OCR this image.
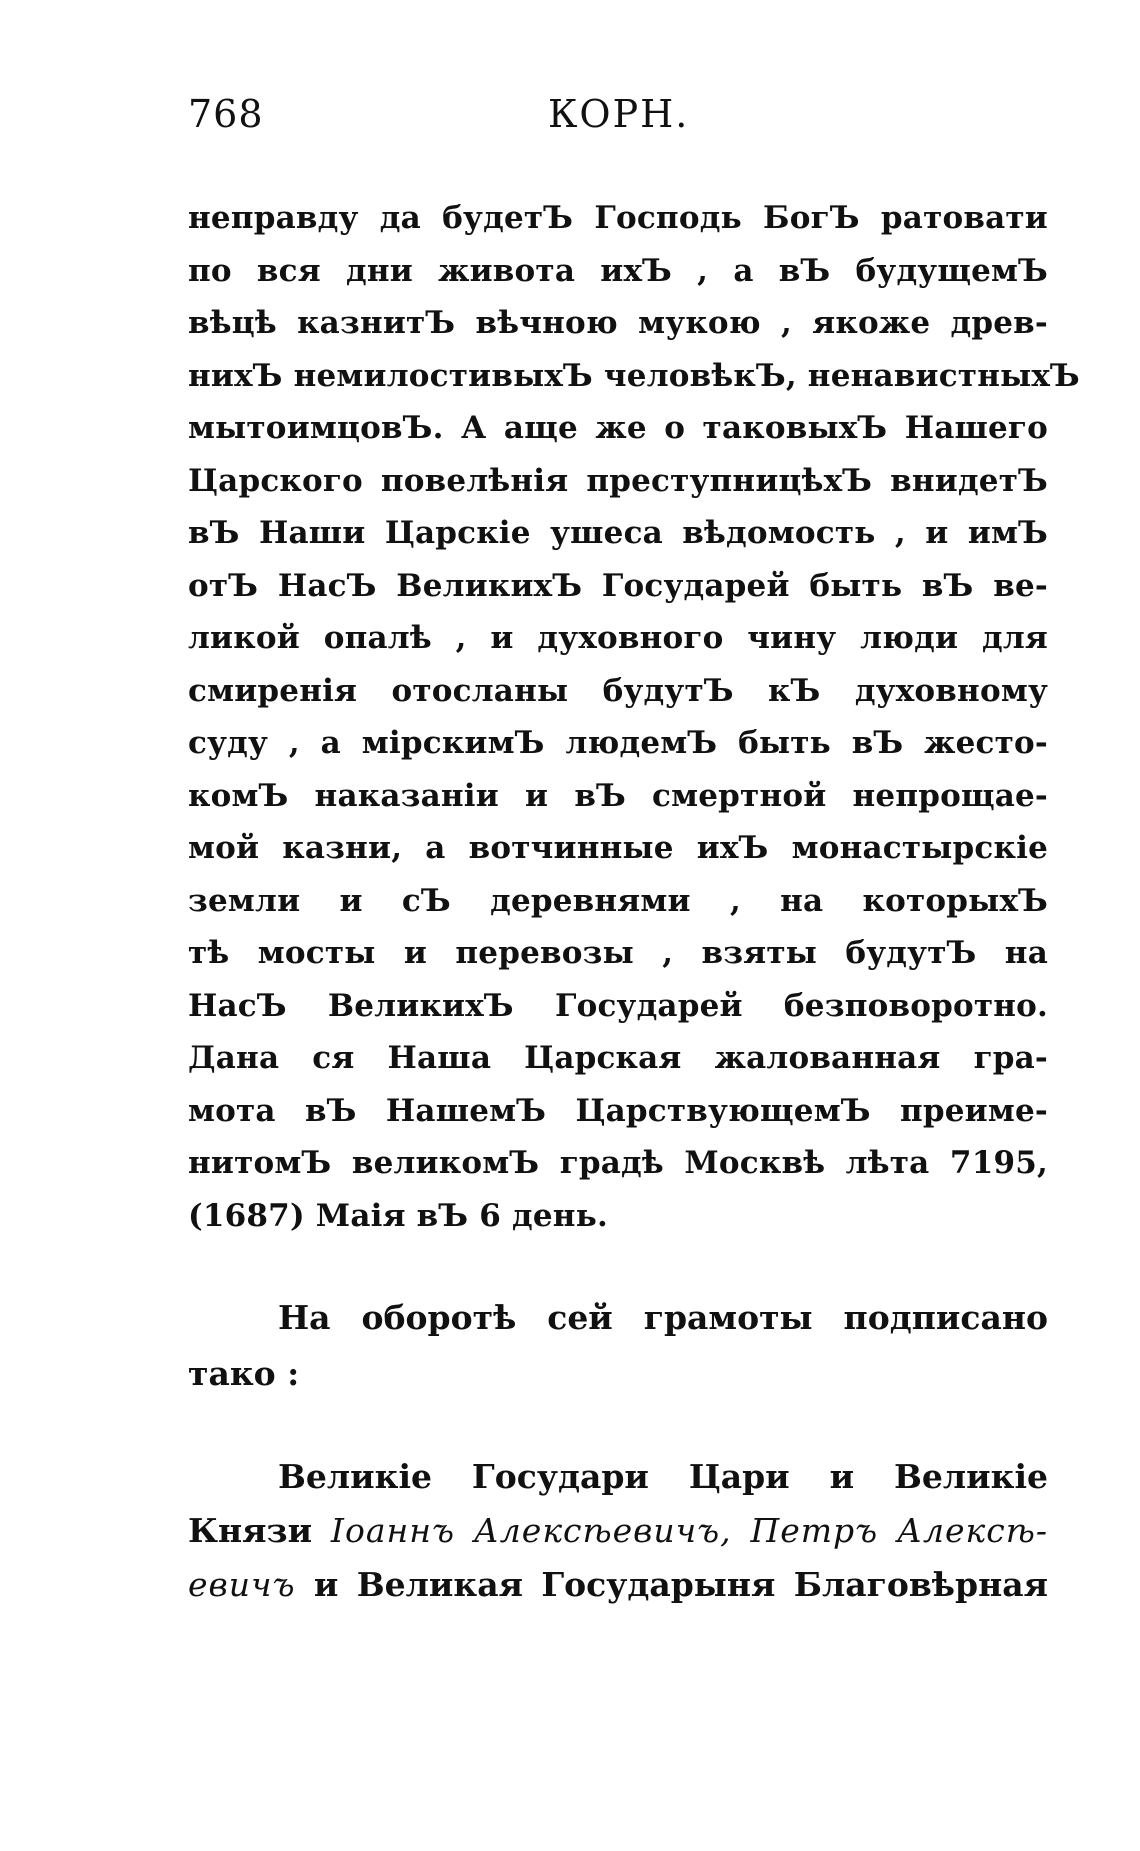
768	КОРН.
неправду да будетЪ Господь БогЪ ратовати
по вся дни живота ихЪ , а вЪ будущемЪ
вѣцѣ казнитЪ вѣчною мукою , якоже древ-
нихЪ немилостивыхЪ человѣкЪ, ненавистныхЪ
мытоимцовЪ. А аще же о таковыхЪ Нашего
Царского повелѣнія преступницѣхЪ внидетЪ
вЪ Наши Царскіе ушеса вѣдомость , и имЪ
отЪ НасЪ ВеликихЪ Государей быть вЪ ве-
ликой опалѣ , и духовного чину люди для
смиренія отосланы будутЪ кЪ духовному
суду , а мірскимЪ людемЪ быть вЪ жесто-
комЪ наказаніи и вЪ смертной непрощае-
мой казни, а вотчинные ихЪ монастырскіе
земли и сЪ деревнями , на которыхЪ
тѣ мосты и перевозы , взяты будутЪ на
НасЪ ВеликихЪ Государей безповоротно.
Дана ся Наша Царская жалованная гра-
мота вЪ НашемЪ ЦарствующемЪ преиме-
нитомЪ великомЪ градѣ Москвѣ лѣта 7195,
(1687) Маія вЪ 6 день.
На оборотѣ сей грамоты подписано
тако :
Великіе Государи Цари и Великіе
Князи Іоаннъ Алексѣевичъ, Петръ Алексѣ-
евичъ и Великая Государыня Благовѣрная
